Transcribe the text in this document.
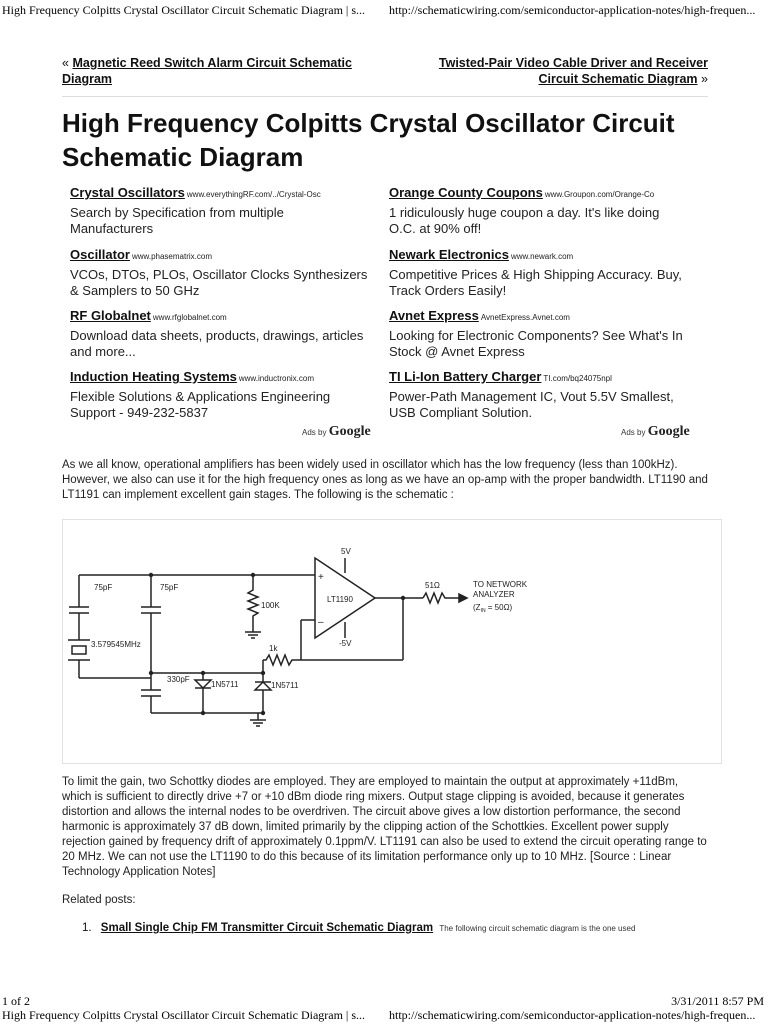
High Frequency Colpitts Crystal Oscillator Circuit Schematic Diagram | s... http://schematicwiring.com/semiconductor-application-notes/high-frequen...
« Magnetic Reed Switch Alarm Circuit Schematic
Diagram
Twisted-Pair Video Cable Driver and Receiver
Circuit Schematic Diagram »
High Frequency Colpitts Crystal Oscillator Circuit Schematic Diagram
Crystal Oscillators www.everythingRF.com/../Crystal-Osc
Search by Specification from multiple Manufacturers
Oscillator www.phasematrix.com
VCOs, DTOs, PLOs, Oscillator Clocks Synthesizers & Samplers to 50 GHz
RF Globalnet www.rfglobalnet.com
Download data sheets, products, drawings, articles and more...
Induction Heating Systems www.inductronix.com
Flexible Solutions & Applications Engineering Support - 949-232-5837
Orange County Coupons www.Groupon.com/Orange-Co
1 ridiculously huge coupon a day. It's like doing O.C. at 90% off!
Newark Electronics www.newark.com
Competitive Prices & High Shipping Accuracy. Buy, Track Orders Easily!
Avnet Express AvnetExpress.Avnet.com
Looking for Electronic Components? See What's In Stock @ Avnet Express
TI Li-Ion Battery Charger TI.com/bq24075npl
Power-Path Management IC, Vout 5.5V Smallest, USB Compliant Solution.
Ads by Google	Ads by Google

As we all know, operational amplifiers has been widely used in oscillator which has the low frequency (less than 100kHz). However, we also can use it for the high frequency ones as long as we have an op-amp with the proper bandwidth. LT1190 and LT1191 can implement excellent gain stages. The following is the schematic :

75pF	75pF
330pF
3.579545MHz
100K
1k
51Ω
LT1190
5V
-5V
+
–
1N5711	1N5711
TO NETWORK
ANALYZER
$(Z_{IN} = 50\Omega)$

To limit the gain, two Schottky diodes are employed. They are employed to maintain the output at approximately +11dBm, which is sufficient to directly drive +7 or +10 dBm diode ring mixers. Output stage clipping is avoided, because it generates distortion and allows the internal nodes to be overdriven. The circuit above gives a low distortion performance, the second harmonic is approximately 37 dB down, limited primarily by the clipping action of the Schottkies. Excellent power supply rejection gained by frequency drift of approximately 0.1ppm/V. LT1191 can also be used to extend the circuit operating range to 20 MHz. We can not use the LT1190 to do this because of its limitation performance only up to 10 MHz. [Source : Linear Technology Application Notes]

Related posts:
1. Small Single Chip FM Transmitter Circuit Schematic Diagram The following circuit schematic diagram is the one used
1 of 2	3/31/2011 8:57 PM
High Frequency Colpitts Crystal Oscillator Circuit Schematic Diagram | s... http://schematicwiring.com/semiconductor-application-notes/high-frequen...
